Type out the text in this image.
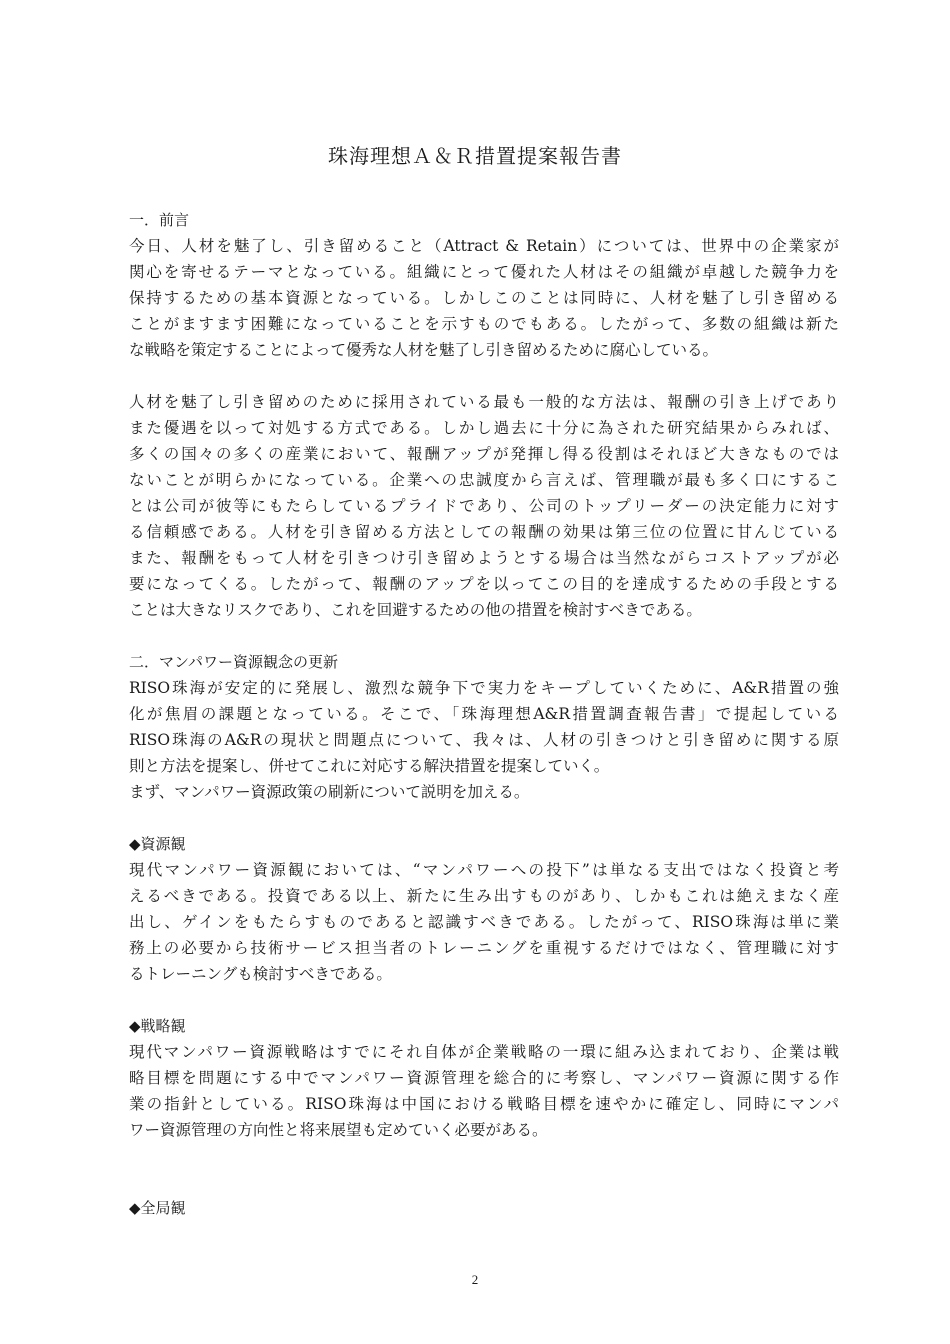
珠海理想Ａ＆Ｒ措置提案報告書
一．前言
今日、人材を魅了し、引き留めること（Attract & Retain）については、世界中の企業家が
関心を寄せるテーマとなっている。組織にとって優れた人材はその組織が卓越した競争力を
保持するための基本資源となっている。しかしこのことは同時に、人材を魅了し引き留める
ことがますます困難になっていることを示すものでもある。したがって、多数の組織は新た
な戦略を策定することによって優秀な人材を魅了し引き留めるために腐心している。
人材を魅了し引き留めのために採用されている最も一般的な方法は、報酬の引き上げであり
また優遇を以って対処する方式である。しかし過去に十分に為された研究結果からみれば、
多くの国々の多くの産業において、報酬アップが発揮し得る役割はそれほど大きなものでは
ないことが明らかになっている。企業への忠誠度から言えば、管理職が最も多く口にするこ
とは公司が彼等にもたらしているプライドであり、公司のトップリーダーの決定能力に対す
る信頼感である。人材を引き留める方法としての報酬の効果は第三位の位置に甘んじている
また、報酬をもって人材を引きつけ引き留めようとする場合は当然ながらコストアップが必
要になってくる。したがって、報酬のアップを以ってこの目的を達成するための手段とする
ことは大きなリスクであり、これを回避するための他の措置を検討すべきである。
二．マンパワー資源観念の更新
RISO珠海が安定的に発展し、激烈な競争下で実力をキープしていくために、A&R措置の強
化が焦眉の課題となっている。そこで、「珠海理想A&R措置調査報告書」で提起している
RISO珠海のA&Rの現状と問題点について、我々は、人材の引きつけと引き留めに関する原
則と方法を提案し、併せてこれに対応する解決措置を提案していく。
まず、マンパワー資源政策の刷新について説明を加える。
◆資源観
現代マンパワー資源観においては、“マンパワーへの投下”は単なる支出ではなく投資と考
えるべきである。投資である以上、新たに生み出すものがあり、しかもこれは絶えまなく産
出し、ゲインをもたらすものであると認識すべきである。したがって、RISO珠海は単に業
務上の必要から技術サービス担当者のトレーニングを重視するだけではなく、管理職に対す
るトレーニングも検討すべきである。
◆戦略観
現代マンパワー資源戦略はすでにそれ自体が企業戦略の一環に組み込まれており、企業は戦
略目標を問題にする中でマンパワー資源管理を総合的に考察し、マンパワー資源に関する作
業の指針としている。RISO珠海は中国における戦略目標を速やかに確定し、同時にマンパ
ワー資源管理の方向性と将来展望も定めていく必要がある。
◆全局観
2
